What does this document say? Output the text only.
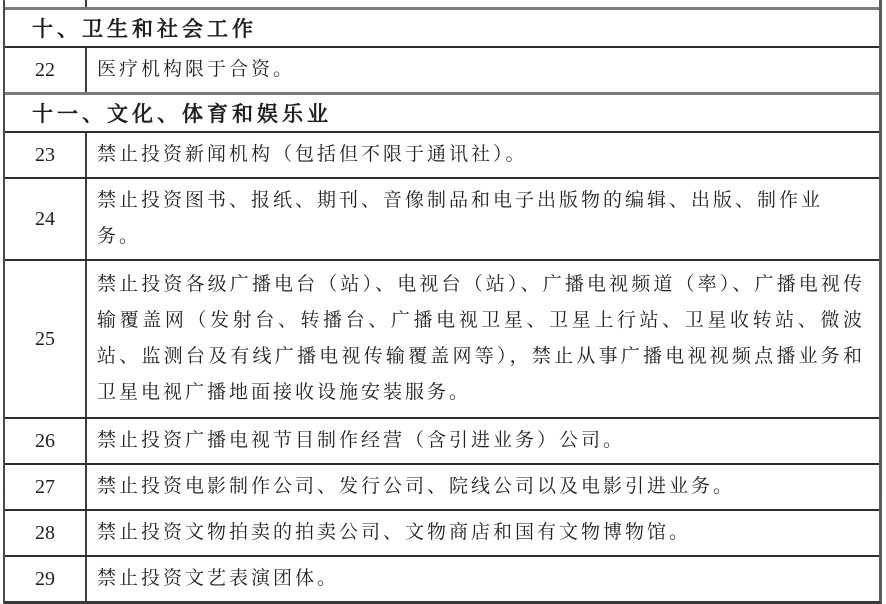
十、卫生和社会工作
22 医疗机构限于合资。
十一、文化、体育和娱乐业
23 禁止投资新闻机构（包括但不限于通讯社）。
24
禁止投资图书、报纸、期刊、音像制品和电子出版物的编辑、出版、制作业务。
25
禁止投资各级广播电台（站）、电视台（站）、广播电视频道（率）、广播电视传输覆盖网（发射台、转播台、广播电视卫星、卫星上行站、卫星收转站、微波站、监测台及有线广播电视传输覆盖网等），禁止从事广播电视视频点播业务和卫星电视广播地面接收设施安装服务。
26 禁止投资广播电视节目制作经营（含引进业务）公司。
27 禁止投资电影制作公司、发行公司、院线公司以及电影引进业务。
28 禁止投资文物拍卖的拍卖公司、文物商店和国有文物博物馆。
29 禁止投资文艺表演团体。
